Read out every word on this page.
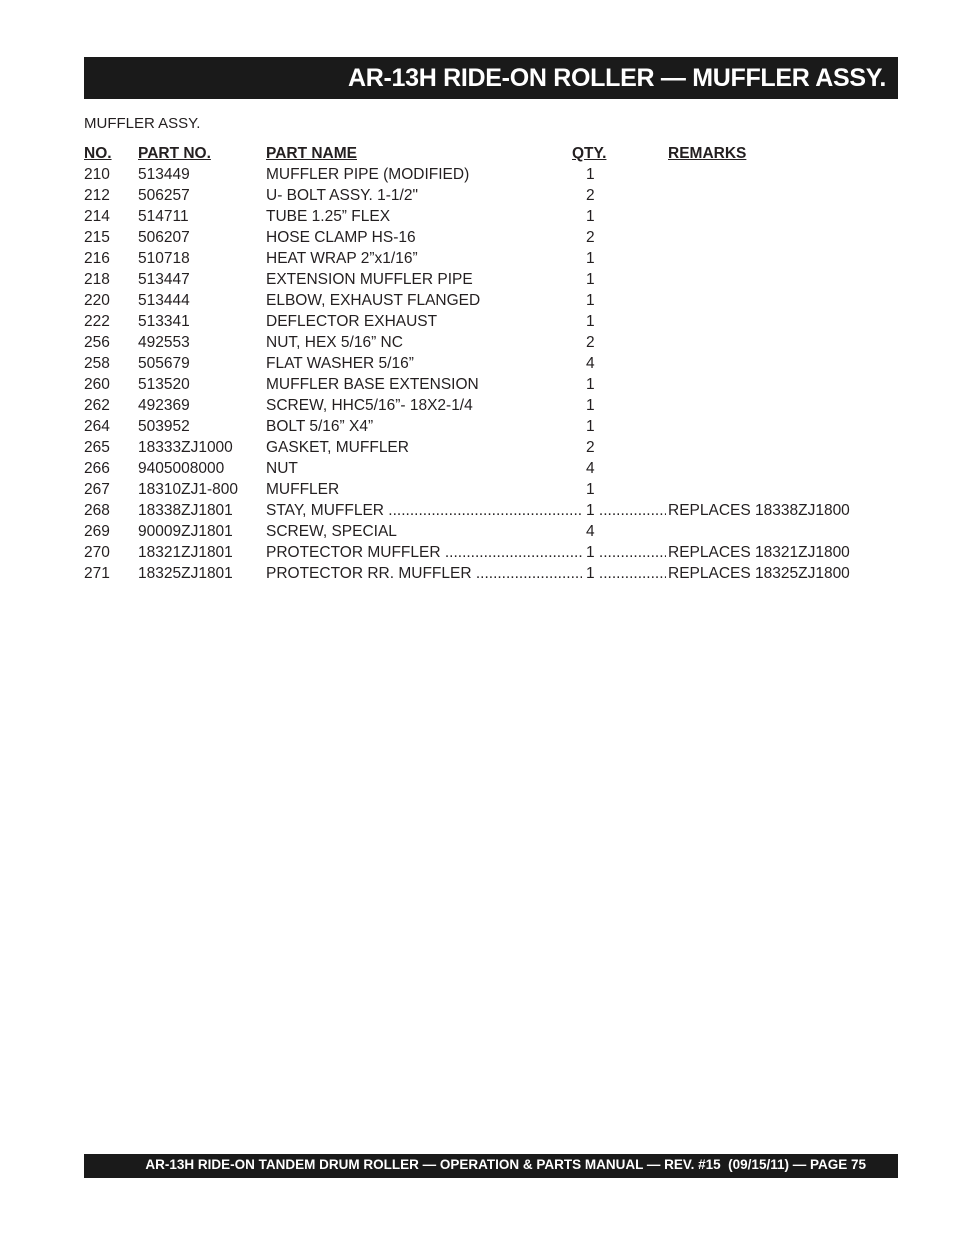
AR-13H RIDE-ON ROLLER — MUFFLER ASSY.
MUFFLER ASSY.
NO. PART NO.	PART NAME	QTY.	REMARKS
210 513449	MUFFLER PIPE (MODIFIED)	1
212 506257	U- BOLT ASSY. 1-1/2"	2
214 514711	TUBE 1.25” FLEX	1
215 506207	HOSE CLAMP HS-16	2
216 510718	HEAT WRAP 2”x1/16”	1
218 513447	EXTENSION MUFFLER PIPE	1
220 513444	ELBOW, EXHAUST FLANGED	1
222 513341	DEFLECTOR EXHAUST	1
256 492553	NUT, HEX 5/16” NC	2
258 505679	FLAT WASHER 5/16”	4
260 513520	MUFFLER BASE EXTENSION	1
262 492369	SCREW, HHC5/16”- 18X2-1/4	1
264 503952	BOLT 5/16” X4”	1
265 18333ZJ1000 GASKET, MUFFLER	2
266 9405008000	NUT	4
267 18310ZJ1-800 MUFFLER	1
268 18338ZJ1801 STAY, MUFFLER .....	1 .....	REPLACES 18338ZJ1800
269 90009ZJ1801 SCREW, SPECIAL	4
270 18321ZJ1801 PROTECTOR MUFFLER .....	1 .....	REPLACES 18321ZJ1800
271 18325ZJ1801 PROTECTOR RR. MUFFLER .....	1 .....	REPLACES 18325ZJ1800
AR-13H RIDE-ON TANDEM DRUM ROLLER — OPERATION & PARTS MANUAL — REV. #15  (09/15/11) — PAGE 75
